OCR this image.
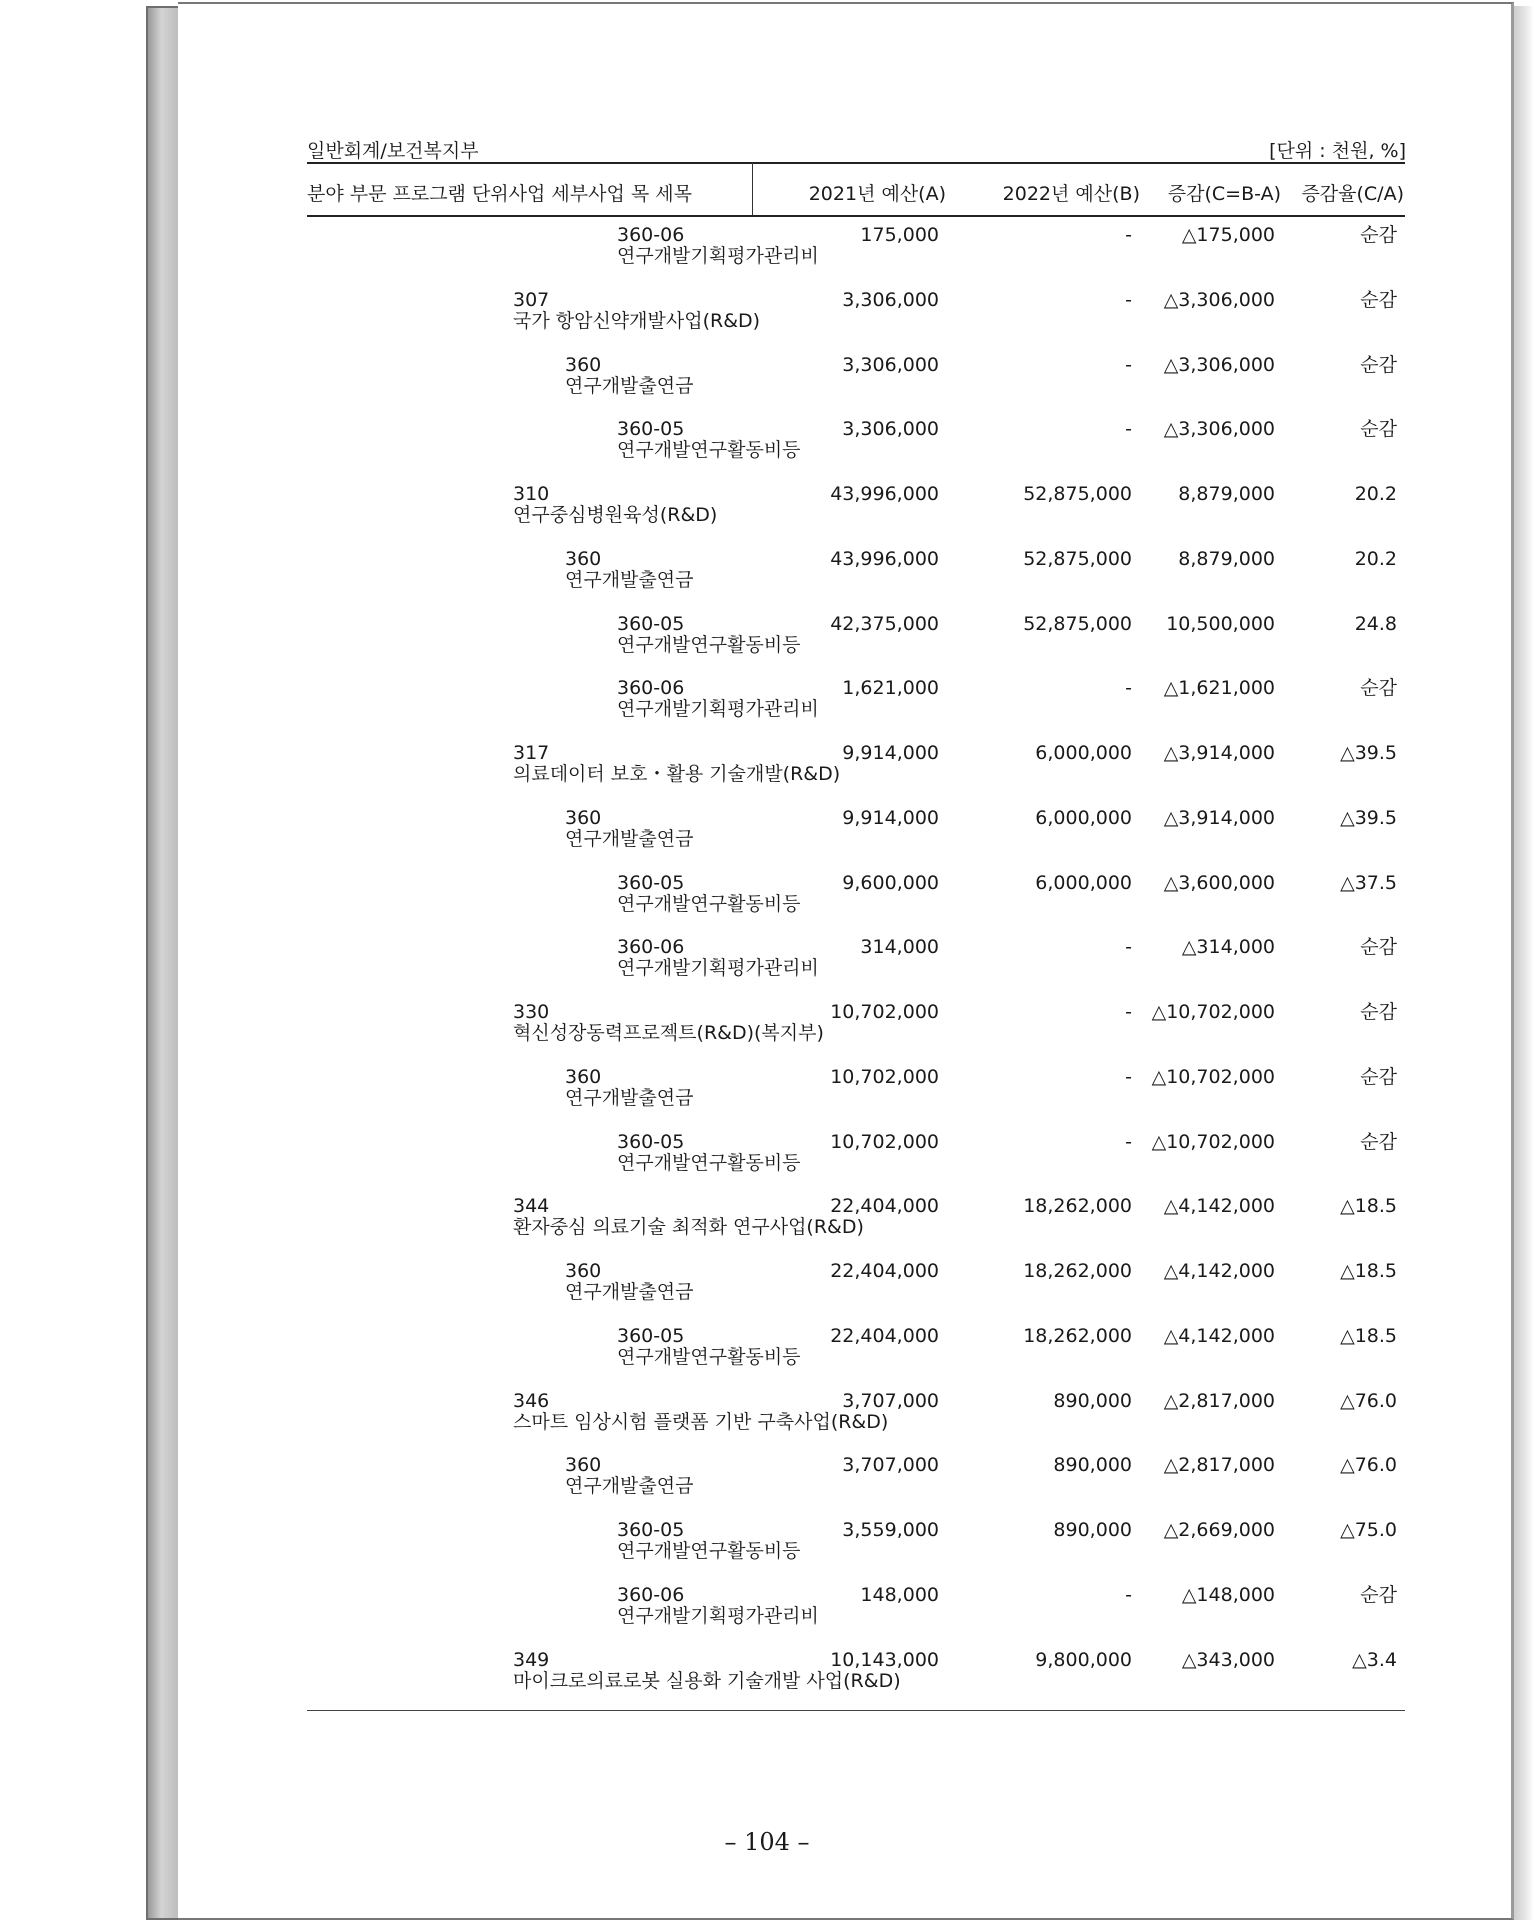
일반회계/보건복지부	[단위 : 천원, %]
분야 부문 프로그램 단위사업 세부사업 목 세목	2021년 예산(A)	2022년 예산(B) 증감(C=B-A) 증감율(C/A)
360-06
연구개발기획평가관리비
175,000	-	△175,000	순감
307
국가 항암신약개발사업(R&D)
3,306,000	- △3,306,000	순감
360
연구개발출연금
3,306,000	- △3,306,000	순감
360-05
연구개발연구활동비등
3,306,000	- △3,306,000	순감
310
연구중심병원육성(R&D)
43,996,000	52,875,000 8,879,000	20.2
360
연구개발출연금
43,996,000	52,875,000 8,879,000	20.2
360-05
연구개발연구활동비등
42,375,000	52,875,000 10,500,000	24.8
360-06
연구개발기획평가관리비
1,621,000	- △1,621,000	순감
317
의료데이터 보호・활용 기술개발(R&D)
9,914,000	6,000,000 △3,914,000	△39.5
360
연구개발출연금
9,914,000	6,000,000 △3,914,000	△39.5
360-05
연구개발연구활동비등
9,600,000	6,000,000 △3,600,000	△37.5
360-06
연구개발기획평가관리비
314,000	-	△314,000	순감
330
혁신성장동력프로젝트(R&D)(복지부)
10,702,000	- △10,702,000	순감
360
연구개발출연금
10,702,000	- △10,702,000	순감
360-05
연구개발연구활동비등
10,702,000	- △10,702,000	순감
344
환자중심 의료기술 최적화 연구사업(R&D)
22,404,000	18,262,000 △4,142,000	△18.5
360
연구개발출연금
22,404,000	18,262,000 △4,142,000	△18.5
360-05
연구개발연구활동비등
22,404,000	18,262,000 △4,142,000	△18.5
346
스마트 임상시험 플랫폼 기반 구축사업(R&D)
3,707,000	890,000 △2,817,000	△76.0
360
연구개발출연금
3,707,000	890,000 △2,817,000	△76.0
360-05
연구개발연구활동비등
3,559,000	890,000 △2,669,000	△75.0
360-06
연구개발기획평가관리비
148,000	-	△148,000	순감
349
마이크로의료로봇 실용화 기술개발 사업(R&D)
10,143,000	9,800,000	△343,000	△3.4
– 104 –
